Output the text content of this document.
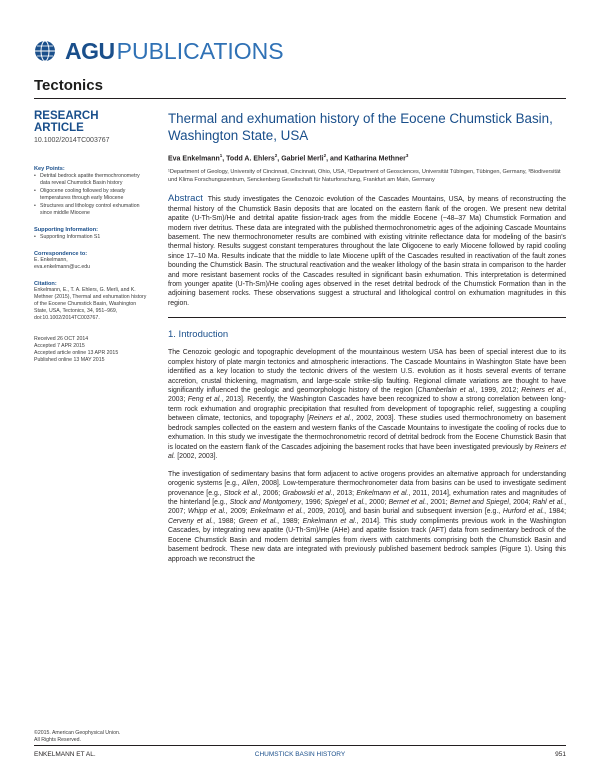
AGU PUBLICATIONS
Tectonics
RESEARCH ARTICLE
10.1002/2014TC003767
Key Points:
• Detrital bedrock apatite thermochronometry data reveal Chumstick Basin history
• Oligocene cooling followed by steady temperatures through early Miocene
• Structures and lithology control exhumation since middle Miocene
Supporting Information:
• Supporting Information S1
Correspondence to:
E. Enkelmann,
eva.enkelmann@uc.edu
Citation:
Enkelmann, E., T. A. Ehlers, G. Merli, and K. Methner (2015), Thermal and exhumation history of the Eocene Chumstick Basin, Washington State, USA, Tectonics, 34, 951–969, doi:10.1002/2014TC003767.
Received 26 OCT 2014
Accepted 7 APR 2015
Accepted article online 13 APR 2015
Published online 13 MAY 2015
©2015. American Geophysical Union.
All Rights Reserved.
Thermal and exhumation history of the Eocene Chumstick Basin, Washington State, USA
Eva Enkelmann$^1$, Todd A. Ehlers$^2$, Gabriel Merli$^2$, and Katharina Methner$^3$
¹Department of Geology, University of Cincinnati, Cincinnati, Ohio, USA, ²Department of Geosciences, Universität Tübingen, Tübingen, Germany, ³Biodiversität und Klima Forschungszentrum, Senckenberg Gesellschaft für Naturforschung, Frankfurt am Main, Germany
Abstract This study investigates the Cenozoic evolution of the Cascades Mountains, USA, by means of reconstructing the thermal history of the Chumstick Basin deposits that are located on the eastern flank of the orogen. We present new detrital apatite (U-Th-Sm)/He and detrital apatite fission-track ages from the middle Eocene (~48–37 Ma) Chumstick Formation and modern river detritus. These data are integrated with the published thermochronometric ages of the adjoining Cascade Mountains basement. The new thermochronometer results are combined with existing vitrinite reflectance data for modeling of the basin's thermal history. Results suggest constant temperatures throughout the late Oligocene to early Miocene followed by rapid cooling since 17–10 Ma. Results indicate that the middle to late Miocene uplift of the Cascades resulted in reactivation of the fault zones bounding the Chumstick Basin. The structural reactivation and the weaker lithology of the basin strata in comparison to the harder and more resistant basement rocks of the Cascades resulted in significant basin exhumation. This interpretation is determined from younger apatite (U-Th-Sm)/He cooling ages observed in the reset detrital bedrock of the Chumstick Formation than in the adjoining basement rocks. These observations suggest a structural and lithological control on exhumation magnitudes in this region.
1. Introduction
The Cenozoic geologic and topographic development of the mountainous western USA has been of special interest due to its complex history of plate margin tectonics and atmospheric interactions. The Cascade Mountains in Washington State have been identified as a key location to study the tectonic drivers of the western U.S. evolution as it hosts several events of terrane accretion, crustal thickening, magmatism, and large-scale strike-slip faulting. Regional climate variations are thought to have significantly influenced the geologic and geomorphologic history of the region [Chamberlain et al., 1999, 2012; Reiners et al., 2003; Feng et al., 2013]. Recently, the Washington Cascades have been recognized to show a strong correlation between long-term rock exhumation and orographic precipitation that resulted from development of topographic relief, suggesting a coupling between climate, tectonics, and topography [Reiners et al., 2002, 2003]. These studies used thermochronometry on basement bedrock samples collected on the eastern and western flanks of the Cascade Mountains to investigate the cooling of rocks due to exhumation. In this study we investigate the thermochronometric record of detrital bedrock from the Eocene Chumstick Basin that is located on the eastern flank of the Cascades adjoining the basement rocks that have been investigated previously by Reiners et al. [2002, 2003].
The investigation of sedimentary basins that form adjacent to active orogens provides an alternative approach for understanding orogenic systems [e.g., Allen, 2008]. Low-temperature thermochronometer data from basins can be used to investigate sediment provenance [e.g., Stock et al., 2006; Grabowski et al., 2013; Enkelmann et al., 2011, 2014], exhumation rates and magnitudes of the hinterland [e.g., Stock and Montgomery, 1996; Spiegel et al., 2000; Bernet et al., 2001; Bernet and Spiegel, 2004; Rahl et al., 2007; Whipp et al., 2009; Enkelmann et al., 2009, 2010], and basin burial and subsequent inversion [e.g., Hurford et al., 1984; Cerveny et al., 1988; Green et al., 1989; Enkelmann et al., 2014]. This study compliments previous work in the Washington Cascades, by integrating new apatite (U-Th-Sm)/He (AHe) and apatite fission track (AFT) data from sedimentary bedrock of the Eocene Chumstick Basin and modern detrital samples from rivers with catchments comprising both the Chumstick Basin and basement bedrock. These new data are integrated with previously published basement bedrock samples (Figure 1). Using this approach we reconstruct the
ENKELMANN ET AL.	CHUMSTICK BASIN HISTORY	951
